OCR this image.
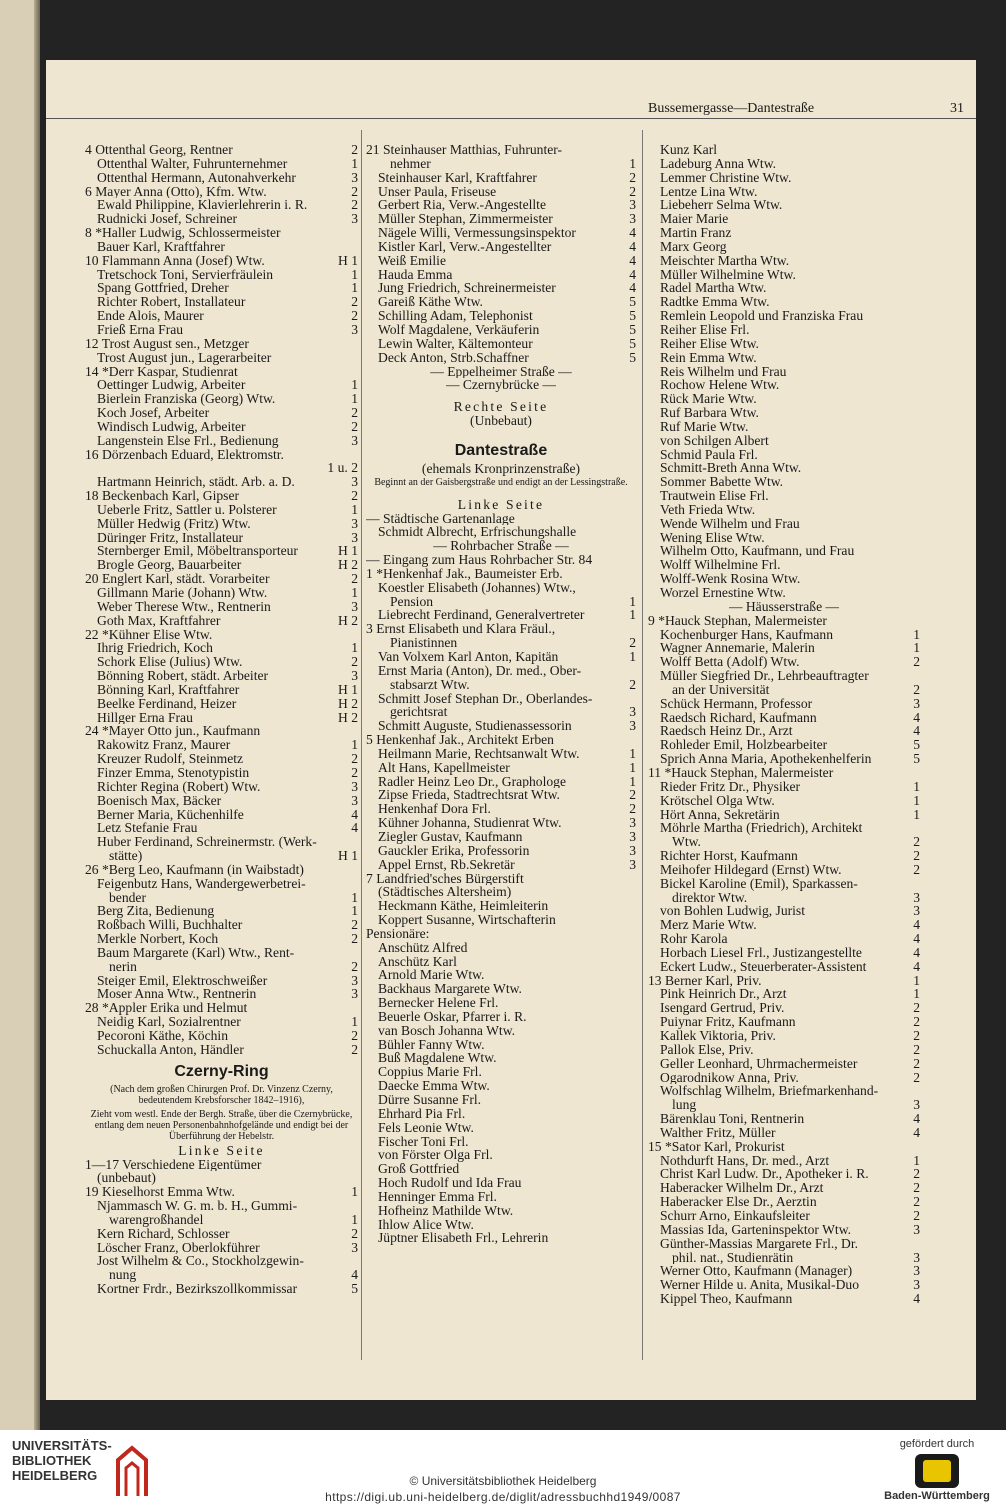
Bussemergasse—Dantestraße	31
4 Ottenthal Georg, Rentner	2
Ottenthal Walter, Fuhrunternehmer	1
Ottenthal Hermann, Autonahverkehr	3
6 Mayer Anna (Otto), Kfm. Wtw.	2
Ewald Philippine, Klavierlehrerin i. R.	2
Rudnicki Josef, Schreiner	3
8 *Haller Ludwig, Schlossermeister
Bauer Karl, Kraftfahrer
10 Flammann Anna (Josef) Wtw.	H 1
Tretschock Toni, Servierfräulein	1
Spang Gottfried, Dreher	1
Richter Robert, Installateur	2
Ende Alois, Maurer	2
Frieß Erna Frau	3
12 Trost August sen., Metzger
Trost August jun., Lagerarbeiter
14 *Derr Kaspar, Studienrat
Oettinger Ludwig, Arbeiter	1
Bierlein Franziska (Georg) Wtw.	1
Koch Josef, Arbeiter	2
Windisch Ludwig, Arbeiter	2
Langenstein Else Frl., Bedienung	3
16 Dörzenbach Eduard, Elektromstr.
1 u. 2
Hartmann Heinrich, städt. Arb. a. D.	3
18 Beckenbach Karl, Gipser	2
Ueberle Fritz, Sattler u. Polsterer	1
Müller Hedwig (Fritz) Wtw.	3
Düringer Fritz, Installateur	3
Sternberger Emil, Möbeltransporteur	H 1
Brogle Georg, Bauarbeiter	H 2
20 Englert Karl, städt. Vorarbeiter	2
Gillmann Marie (Johann) Wtw.	1
Weber Therese Wtw., Rentnerin	3
Goth Max, Kraftfahrer	H 2
22 *Kühner Elise Wtw.
Ihrig Friedrich, Koch	1
Schork Elise (Julius) Wtw.	2
Bönning Robert, städt. Arbeiter	3
Bönning Karl, Kraftfahrer	H 1
Beelke Ferdinand, Heizer	H 2
Hillger Erna Frau	H 2
24 *Mayer Otto jun., Kaufmann
Rakowitz Franz, Maurer	1
Kreuzer Rudolf, Steinmetz	2
Finzer Emma, Stenotypistin	2
Richter Regina (Robert) Wtw.	3
Boenisch Max, Bäcker	3
Berner Maria, Küchenhilfe	4
Letz Stefanie Frau	4
Huber Ferdinand, Schreinermstr. (Werk-
stätte)	H 1
26 *Berg Leo, Kaufmann (in Waibstadt)
Feigenbutz Hans, Wandergewerbetrei-
bender	1
Berg Zita, Bedienung	1
Roßbach Willi, Buchhalter	2
Merkle Norbert, Koch	2
Baum Margarete (Karl) Wtw., Rent-
nerin	2
Steiger Emil, Elektroschweißer	3
Moser Anna Wtw., Rentnerin	3
28 *Appler Erika und Helmut
Neidig Karl, Sozialrentner	1
Pecoroni Käthe, Köchin	2
Schuckalla Anton, Händler	2
Czerny-Ring
(Nach dem großen Chirurgen Prof. Dr. Vinzenz Czerny, bedeutendem Krebsforscher 1842–1916),
Zieht vom westl. Ende der Bergh. Straße, über die Czernybrücke, entlang dem neuen Personenbahnhofgelände und endigt bei der Überführung der Hebelstr.
Linke Seite
1—17 Verschiedene Eigentümer
(unbebaut)
19 Kieselhorst Emma Wtw.	1
Njammasch W. G. m. b. H., Gummi-
warengroßhandel	1
Kern Richard, Schlosser	2
Löscher Franz, Oberlokführer	3
Jost Wilhelm & Co., Stockholzgewin-
nung	4
Kortner Frdr., Bezirkszollkommissar	5
21 Steinhauser Matthias, Fuhrunter-
nehmer	1
Steinhauser Karl, Kraftfahrer	2
Unser Paula, Friseuse	2
Gerbert Ria, Verw.-Angestellte	3
Müller Stephan, Zimmermeister	3
Nägele Willi, Vermessungsinspektor	4
Kistler Karl, Verw.-Angestellter	4
Weiß Emilie	4
Hauda Emma	4
Jung Friedrich, Schreinermeister	4
Gareiß Käthe Wtw.	5
Schilling Adam, Telephonist	5
Wolf Magdalene, Verkäuferin	5
Lewin Walter, Kältemonteur	5
Deck Anton, Strb.Schaffner	5
— Eppelheimer Straße —
— Czernybrücke —
Rechte Seite
(Unbebaut)
Dantestraße
(ehemals Kronprinzenstraße)
Beginnt an der Gaisbergstraße und endigt an der Lessingstraße.
Linke Seite
— Städtische Gartenanlage
Schmidt Albrecht, Erfrischungshalle
— Rohrbacher Straße —
— Eingang zum Haus Rohrbacher Str. 84
1 *Henkenhaf Jak., Baumeister Erb.
Koestler Elisabeth (Johannes) Wtw.,
Pension	1
Liebrecht Ferdinand, Generalvertreter	1
3 Ernst Elisabeth und Klara Fräul.,
Pianistinnen	2
Van Volxem Karl Anton, Kapitän	1
Ernst Maria (Anton), Dr. med., Ober-
stabsarzt Wtw.	2
Schmitt Josef Stephan Dr., Oberlandes-
gerichtsrat	3
Schmitt Auguste, Studienassessorin	3
5 Henkenhaf Jak., Architekt Erben
Heilmann Marie, Rechtsanwalt Wtw.	1
Alt Hans, Kapellmeister	1
Radler Heinz Leo Dr., Graphologe	1
Zipse Frieda, Stadtrechtsrat Wtw.	2
Henkenhaf Dora Frl.	2
Kühner Johanna, Studienrat Wtw.	3
Ziegler Gustav, Kaufmann	3
Gauckler Erika, Professorin	3
Appel Ernst, Rb.Sekretär	3
7 Landfried'sches Bürgerstift
(Städtisches Altersheim)
Heckmann Käthe, Heimleiterin
Koppert Susanne, Wirtschafterin
Pensionäre:
Anschütz Alfred
Anschütz Karl
Arnold Marie Wtw.
Backhaus Margarete Wtw.
Bernecker Helene Frl.
Beuerle Oskar, Pfarrer i. R.
van Bosch Johanna Wtw.
Bühler Fanny Wtw.
Buß Magdalene Wtw.
Coppius Marie Frl.
Daecke Emma Wtw.
Dürre Susanne Frl.
Ehrhard Pia Frl.
Fels Leonie Wtw.
Fischer Toni Frl.
von Förster Olga Frl.
Groß Gottfried
Hoch Rudolf und Ida Frau
Henninger Emma Frl.
Hofheinz Mathilde Wtw.
Ihlow Alice Wtw.
Jüptner Elisabeth Frl., Lehrerin
Kunz Karl
Ladeburg Anna Wtw.
Lemmer Christine Wtw.
Lentze Lina Wtw.
Liebeherr Selma Wtw.
Maier Marie
Martin Franz
Marx Georg
Meischter Martha Wtw.
Müller Wilhelmine Wtw.
Radel Martha Wtw.
Radtke Emma Wtw.
Remlein Leopold und Franziska Frau
Reiher Elise Frl.
Reiher Elise Wtw.
Rein Emma Wtw.
Reis Wilhelm und Frau
Rochow Helene Wtw.
Rück Marie Wtw.
Ruf Barbara Wtw.
Ruf Marie Wtw.
von Schilgen Albert
Schmid Paula Frl.
Schmitt-Breth Anna Wtw.
Sommer Babette Wtw.
Trautwein Elise Frl.
Veth Frieda Wtw.
Wende Wilhelm und Frau
Wening Elise Wtw.
Wilhelm Otto, Kaufmann, und Frau
Wolff Wilhelmine Frl.
Wolff-Wenk Rosina Wtw.
Worzel Ernestine Wtw.
— Häusserstraße —
9 *Hauck Stephan, Malermeister
Kochenburger Hans, Kaufmann	1
Wagner Annemarie, Malerin	1
Wolff Betta (Adolf) Wtw.	2
Müller Siegfried Dr., Lehrbeauftragter
an der Universität	2
Schück Hermann, Professor	3
Raedsch Richard, Kaufmann	4
Raedsch Heinz Dr., Arzt	4
Rohleder Emil, Holzbearbeiter	5
Sprich Anna Maria, Apothekenhelferin	5
11 *Hauck Stephan, Malermeister
Rieder Fritz Dr., Physiker	1
Krötschel Olga Wtw.	1
Hört Anna, Sekretärin	1
Möhrle Martha (Friedrich), Architekt
Wtw.	2
Richter Horst, Kaufmann	2
Meihofer Hildegard (Ernst) Wtw.	2
Bickel Karoline (Emil), Sparkassen-
direktor Wtw.	3
von Bohlen Ludwig, Jurist	3
Merz Marie Wtw.	4
Rohr Karola	4
Horbach Liesel Frl., Justizangestellte	4
Eckert Ludw., Steuerberater-Assistent	4
13 Berner Karl, Priv.	1
Pink Heinrich Dr., Arzt	1
Isengard Gertrud, Priv.	2
Puiynar Fritz, Kaufmann	2
Kallek Viktoria, Priv.	2
Pallok Else, Priv.	2
Geller Leonhard, Uhrmachermeister	2
Ogarodnikow Anna, Priv.	2
Wolfschlag Wilhelm, Briefmarkenhand-
lung	3
Bärenklau Toni, Rentnerin	4
Walther Fritz, Müller	4
15 *Sator Karl, Prokurist
Nothdurft Hans, Dr. med., Arzt	1
Christ Karl Ludw. Dr., Apotheker i. R.	2
Haberacker Wilhelm Dr., Arzt	2
Haberacker Else Dr., Aerztin	2
Schurr Arno, Einkaufsleiter	2
Massias Ida, Garteninspektor Wtw.	3
Günther-Massias Margarete Frl., Dr.
phil. nat., Studienrätin	3
Werner Otto, Kaufmann (Manager)	3
Werner Hilde u. Anita, Musikal-Duo	3
Kippel Theo, Kaufmann	4
UNIVERSITÄTS-
BIBLIOTHEK
HEIDELBERG
gefördert durch
Baden-Württemberg
© Universitätsbibliothek Heidelberg
https://digi.ub.uni-heidelberg.de/diglit/adressbuchhd1949/0087
